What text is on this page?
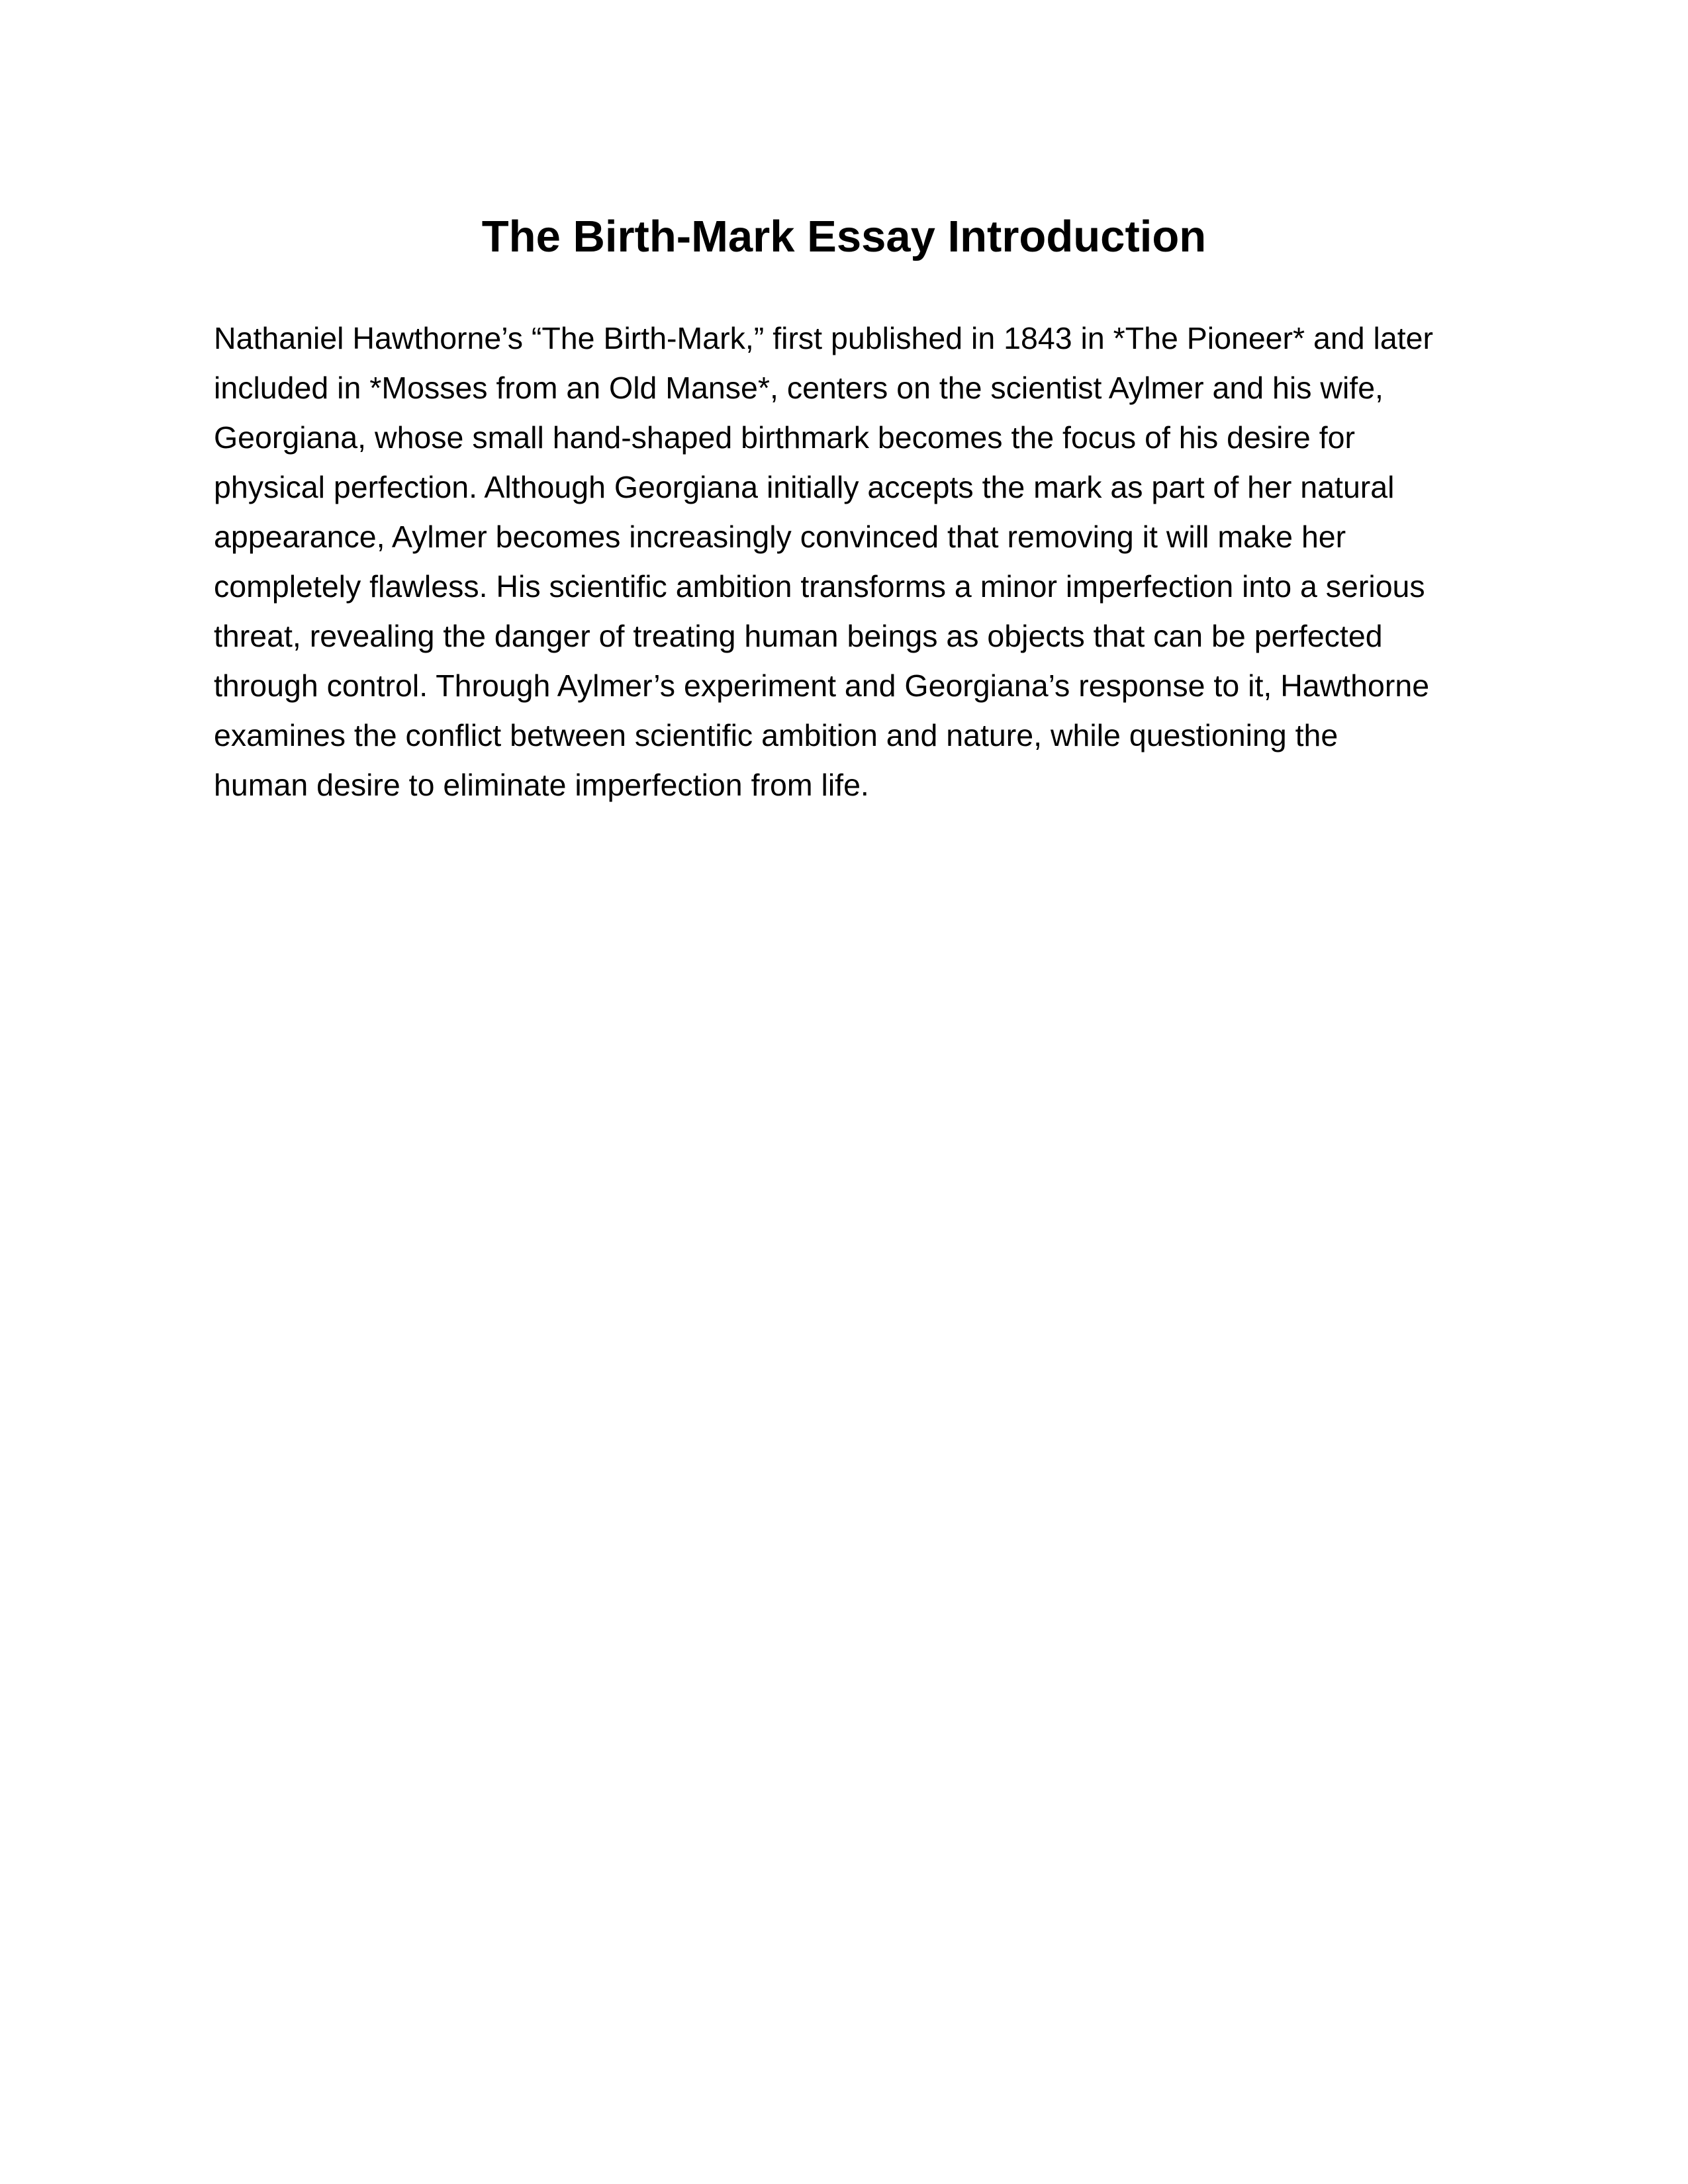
The Birth-Mark Essay Introduction

Nathaniel Hawthorne’s “The Birth-Mark,” first published in 1843 in *The Pioneer* and later
included in *Mosses from an Old Manse*, centers on the scientist Aylmer and his wife,
Georgiana, whose small hand-shaped birthmark becomes the focus of his desire for
physical perfection. Although Georgiana initially accepts the mark as part of her natural
appearance, Aylmer becomes increasingly convinced that removing it will make her
completely flawless. His scientific ambition transforms a minor imperfection into a serious
threat, revealing the danger of treating human beings as objects that can be perfected
through control. Through Aylmer’s experiment and Georgiana’s response to it, Hawthorne
examines the conflict between scientific ambition and nature, while questioning the
human desire to eliminate imperfection from life.
